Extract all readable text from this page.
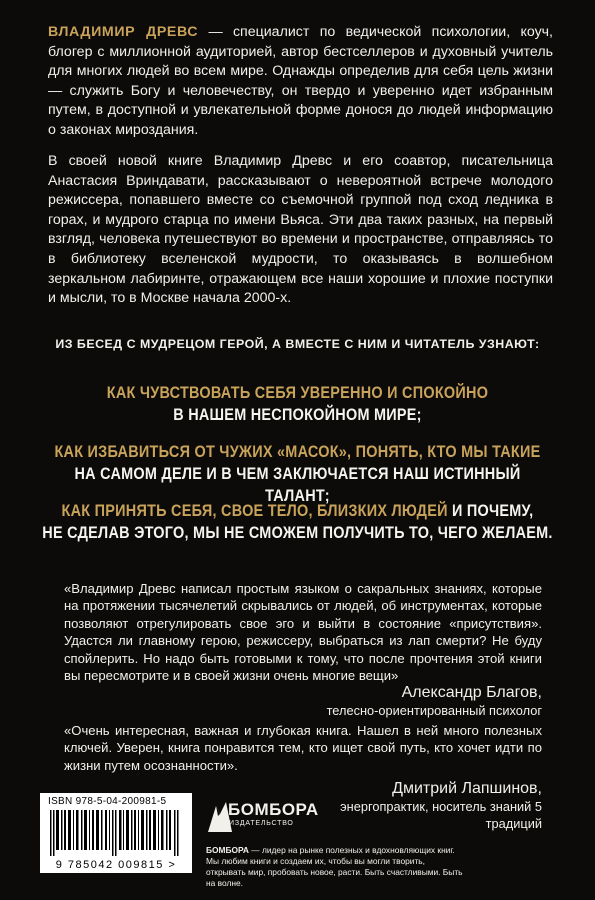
ВЛАДИМИР ДРЕВС — специалист по ведической психологии, коуч, блогер с миллионной аудиторией, автор бестселлеров и духовный учитель для многих людей во всем мире. Однажды определив для себя цель жизни — служить Богу и человечеству, он твердо и уверенно идет избранным путем, в доступной и увлекательной форме донося до людей информацию о законах мироздания.
В своей новой книге Владимир Древс и его соавтор, писательница Анастасия Вриндавати, рассказывают о невероятной встрече молодого режиссера, попавшего вместе со съемочной группой под сход ледника в горах, и мудрого старца по имени Вьяса. Эти два таких разных, на первый взгляд, человека путешествуют во времени и пространстве, отправляясь то в библиотеку вселенской мудрости, то оказываясь в волшебном зеркальном лабиринте, отражающем все наши хорошие и плохие поступки и мысли, то в Москве начала 2000-х.
ИЗ БЕСЕД С МУДРЕЦОМ ГЕРОЙ, А ВМЕСТЕ С НИМ И ЧИТАТЕЛЬ УЗНАЮТ:
КАК ЧУВСТВОВАТЬ СЕБЯ УВЕРЕННО И СПОКОЙНО
В НАШЕМ НЕСПОКОЙНОМ МИРЕ;
КАК ИЗБАВИТЬСЯ ОТ ЧУЖИХ «МАСОК», ПОНЯТЬ, КТО МЫ ТАКИЕ
НА САМОМ ДЕЛЕ И В ЧЕМ ЗАКЛЮЧАЕТСЯ НАШ ИСТИННЫЙ ТАЛАНТ;
КАК ПРИНЯТЬ СЕБЯ, СВОЕ ТЕЛО, БЛИЗКИХ ЛЮДЕЙ И ПОЧЕМУ,
НЕ СДЕЛАВ ЭТОГО, МЫ НЕ СМОЖЕМ ПОЛУЧИТЬ ТО, ЧЕГО ЖЕЛАЕМ.
«Владимир Древс написал простым языком о сакральных знаниях, которые на протяжении тысячелетий скрывались от людей, об инструментах, которые позволяют отрегулировать свое эго и выйти в состояние «присутствия». Удастся ли главному герою, режиссеру, выбраться из лап смерти? Не буду спойлерить. Но надо быть готовыми к тому, что после прочтения этой книги вы пересмотрите и в своей жизни очень многие вещи»
Александр Благов,
телесно-ориентированный психолог
«Очень интересная, важная и глубокая книга. Нашел в ней много полезных ключей. Уверен, книга понравится тем, кто ищет свой путь, кто хочет идти по жизни путем осознанности».
Дмитрий Лапшинов,
энергопрактик, носитель знаний 5 традиций
ISBN 978-5-04-200981-5
9 785042 009815 >
БОМБОРА
ИЗДАТЕЛЬСТВО
БОМБОРА — лидер на рынке полезных и вдохновляющих книг. Мы любим книги и создаем их, чтобы вы могли творить, открывать мир, пробовать новое, расти. Быть счастливыми. Быть на волне.
